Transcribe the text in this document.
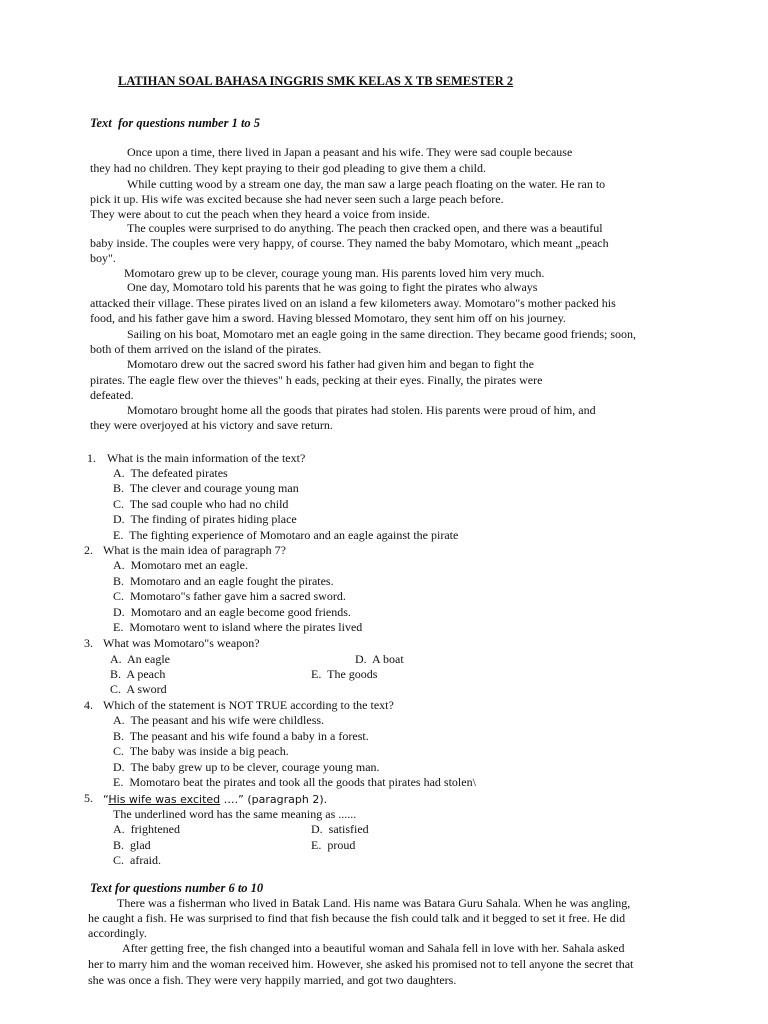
LATIHAN SOAL BAHASA INGGRIS SMK KELAS X TB SEMESTER 2
Text  for questions number 1 to 5
Once upon a time, there lived in Japan a peasant and his wife. They were sad couple because
they had no children. They kept praying to their god pleading to give them a child.
While cutting wood by a stream one day, the man saw a large peach floating on the water. He ran to
pick it up. His wife was excited because she had never seen such a large peach before.
They were about to cut the peach when they heard a voice from inside.
The couples were surprised to do anything. The peach then cracked open, and there was a beautiful
baby inside. The couples were very happy, of course. They named the baby Momotaro, which meant „peach
boy".
Momotaro grew up to be clever, courage young man. His parents loved him very much.
One day, Momotaro told his parents that he was going to fight the pirates who always
attacked their village. These pirates lived on an island a few kilometers away. Momotaro"s mother packed his
food, and his father gave him a sword. Having blessed Momotaro, they sent him off on his journey.
Sailing on his boat, Momotaro met an eagle going in the same direction. They became good friends; soon,
both of them arrived on the island of the pirates.
Momotaro drew out the sacred sword his father had given him and began to fight the
pirates. The eagle flew over the thieves" h eads, pecking at their eyes. Finally, the pirates were
defeated.
Momotaro brought home all the goods that pirates had stolen. His parents were proud of him, and
they were overjoyed at his victory and save return.
1. What is the main information of the text?
A.  The defeated pirates
B.  The clever and courage young man
C.  The sad couple who had no child
D.  The finding of pirates hiding place
E.  The fighting experience of Momotaro and an eagle against the pirate
2. What is the main idea of paragraph 7?
A.  Momotaro met an eagle.
B.  Momotaro and an eagle fought the pirates.
C.  Momotaro"s father gave him a sacred sword.
D.  Momotaro and an eagle become good friends.
E.  Momotaro went to island where the pirates lived
3. What was Momotaro"s weapon?
A.  An eagle	D.  A boat
B.  A peach	E.  The goods
C.  A sword
4. Which of the statement is NOT TRUE according to the text?
A.  The peasant and his wife were childless.
B.  The peasant and his wife found a baby in a forest.
C.  The baby was inside a big peach.
D.  The baby grew up to be clever, courage young man.
E.  Momotaro beat the pirates and took all the goods that pirates had stolen\
5. “His wife was excited ….” (paragraph 2).
The underlined word has the same meaning as ......
A.  frightened	D.  satisfied
B.  glad	E.  proud
C.  afraid.
Text for questions number 6 to 10
There was a fisherman who lived in Batak Land. His name was Batara Guru Sahala. When he was angling,
he caught a fish. He was surprised to find that fish because the fish could talk and it begged to set it free. He did
accordingly.
After getting free, the fish changed into a beautiful woman and Sahala fell in love with her. Sahala asked
her to marry him and the woman received him. However, she asked his promised not to tell anyone the secret that
she was once a fish. They were very happily married, and got two daughters.
